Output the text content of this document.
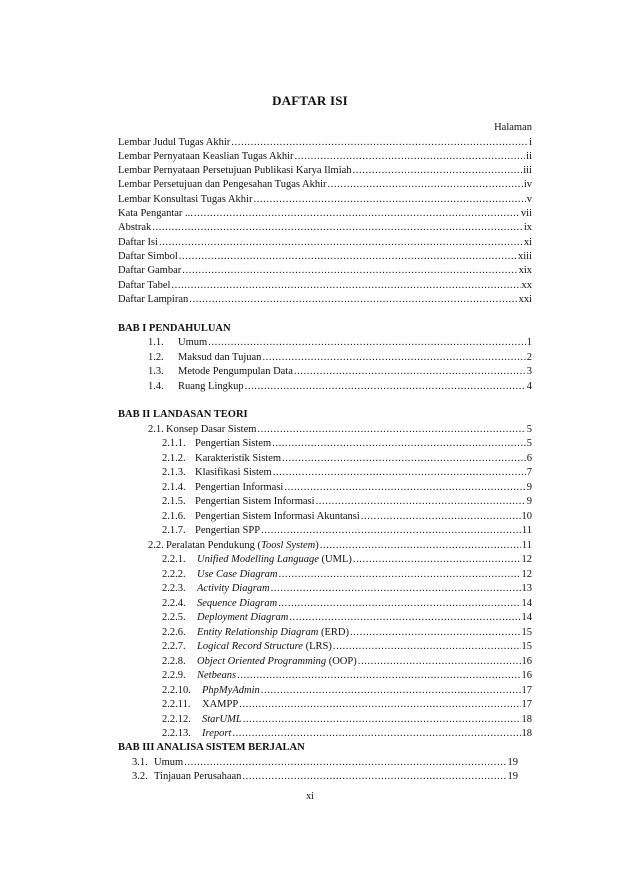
DAFTAR ISI
Halaman
Lembar Judul Tugas Akhir .....	i
Lembar Pernyataan Keaslian Tugas Akhir .....	ii
Lembar Pernyataan Persetujuan Publikasi Karya Ilmiah .....	iii
Lembar Persetujuan dan Pengesahan Tugas Akhir .....	iv
Lembar Konsultasi Tugas Akhir .....	v
Kata Pengantar ... .....	vii
Abstrak .....	ix
Daftar Isi .....	xi
Daftar Simbol .....	xiii
Daftar Gambar .....	xix
Daftar Tabel .....	xx
Daftar Lampiran .....	xxi
BAB I PENDAHULUAN
1.1.	Umum .....	1
1.2.	Maksud dan Tujuan .....	2
1.3.	Metode Pengumpulan Data .....	3
1.4.	Ruang Lingkup .....	4
BAB II LANDASAN TEORI
2.1. Konsep Dasar Sistem .....	5
2.1.1. Pengertian Sistem .....	5
2.1.2. Karakteristik Sistem .....	6
2.1.3. Klasifikasi Sistem .....	7
2.1.4. Pengertian Informasi .....	9
2.1.5. Pengertian Sistem Informasi .....	9
2.1.6. Pengertian Sistem Informasi Akuntansi .....	10
2.1.7. Pengertian SPP .....	11
2.2. Peralatan Pendukung (Toosl System) .....	11
2.2.1.	Unified Modelling Language (UML) .....	12
2.2.2.	Use Case Diagram .....	12
2.2.3.	Activity Diagram .....	13
2.2.4.	Sequence Diagram .....	14
2.2.5.	Deployment Diagram .....	14
2.2.6.	Entity Relationship Diagram (ERD) .....	15
2.2.7.	Logical Record Structure (LRS) .....	15
2.2.8.	Object Oriented Programming (OOP) .....	16
2.2.9.	Netbeans .....	16
2.2.10.	PhpMyAdmin .....	17
2.2.11.	XAMPP .....	17
2.2.12.	StarUML .....	18
2.2.13.	Ireport .....	18
BAB III ANALISA SISTEM BERJALAN
3.1. Umum .....	19
3.2. Tinjauan Perusahaan .....	19
xi
